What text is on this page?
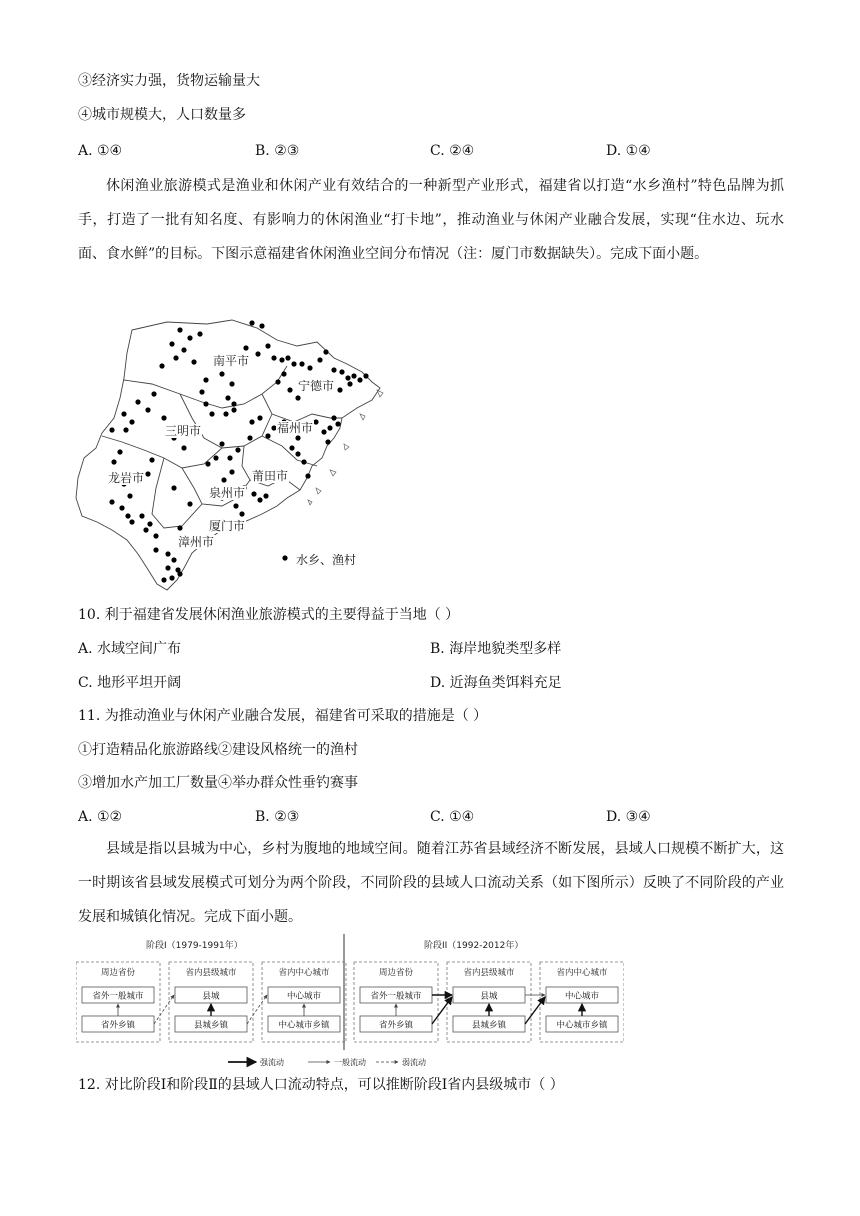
③经济实力强，货物运输量大
④城市规模大，人口数量多
A. ①④	B. ②③	C. ②④	D. ①④
休闲渔业旅游模式是渔业和休闲产业有效结合的一种新型产业形式，福建省以打造“水乡渔村”特色品牌为抓手，打造了一批有知名度、有影响力的休闲渔业“打卡地”，推动渔业与休闲产业融合发展，实现“住水边、玩水面、食水鲜”的目标。下图示意福建省休闲渔业空间分布情况（注：厦门市数据缺失）。完成下面小题。
南平市
宁德市
三明市	福州市
龙岩市	莆田市
泉州市
厦门市
漳州市
水乡、渔村
10. 利于福建省发展休闲渔业旅游模式的主要得益于当地（ ）
A. 水域空间广布	B. 海岸地貌类型多样
C. 地形平坦开阔	D. 近海鱼类饵料充足
11. 为推动渔业与休闲产业融合发展，福建省可采取的措施是（ ）
①打造精品化旅游路线②建设风格统一的渔村
③增加水产加工厂数量④举办群众性垂钓赛事
A. ①②	B. ②③	C. ①④	D. ③④
县域是指以县城为中心，乡村为腹地的地域空间。随着江苏省县域经济不断发展，县域人口规模不断扩大，这一时期该省县域发展模式可划分为两个阶段，不同阶段的县域人口流动关系（如下图所示）反映了不同阶段的产业发展和城镇化情况。完成下面小题。
阶段I（1979-1991年）
周边省份
省外一般城市
省外乡镇
省内县级城市
县城
县城乡镇
省内中心城市
中心城市
中心城市乡镇
阶段II（1992-2012年）
周边省份
省外一般城市
省外乡镇
省内县级城市
县城
县城乡镇
省内中心城市
中心城市
中心城市乡镇
强流动	一般流动	弱流动
12. 对比阶段Ⅰ和阶段Ⅱ的县域人口流动特点，可以推断阶段Ⅰ省内县级城市（ ）
